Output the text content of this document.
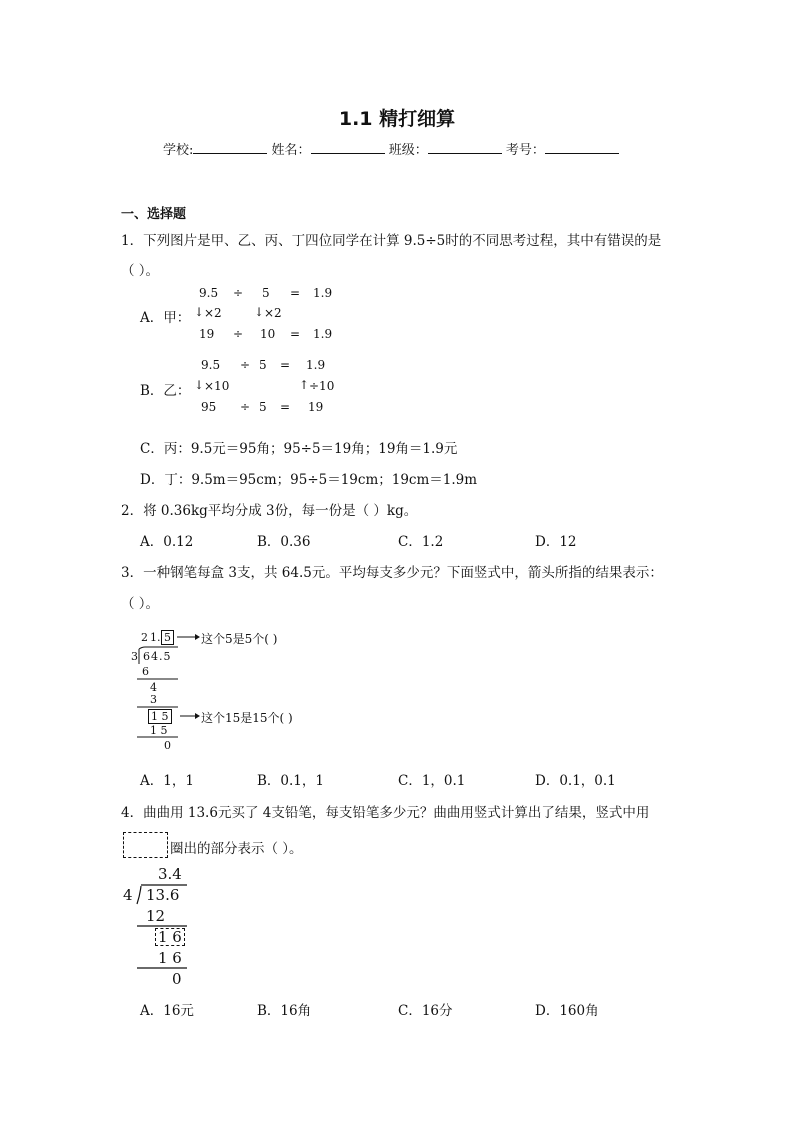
1.1 精打细算
学校:	姓名：	班级：	考号：
一、选择题
1．下列图片是甲、乙、丙、丁四位同学在计算 9.5÷5时的不同思考过程，其中有错误的是
（ ）。
A．甲：
9.5 ÷ 5 = 1.9
↓ ×2	↓ ×2
19 ÷ 10 = 1.9
B．乙：
9.5 ÷ 5 = 1.9
↓ ×10	↑ ÷10
95 ÷ 5 = 19
C．丙：9.5元＝95角；95÷5＝19角；19角＝1.9元
D．丁：9.5m＝95cm；95÷5＝19cm；19cm＝1.9m
2．将 0.36kg平均分成 3份，每一份是（ ）kg。
A．0.12	B．0.36	C．1.2	D．12
3．一种钢笔每盒 3支，共 64.5元。平均每支多少元？下面竖式中，箭头所指的结果表示：
（ ）。
2 1 . 5
3 64.5
6
4
3
1 5
1 5
0
这个5是5个( )
这个15是15个( )
A．1，1	B．0.1，1	C．1，0.1	D．0.1，0.1
4．曲曲用 13.6元买了 4支铅笔，每支铅笔多少元？曲曲用竖式计算出了结果，竖式中用
圈出的部分表示（ ）。
3.4
4 13.6
12
1 6
1 6
0
A．16元	B．16角	C．16分	D．160角
